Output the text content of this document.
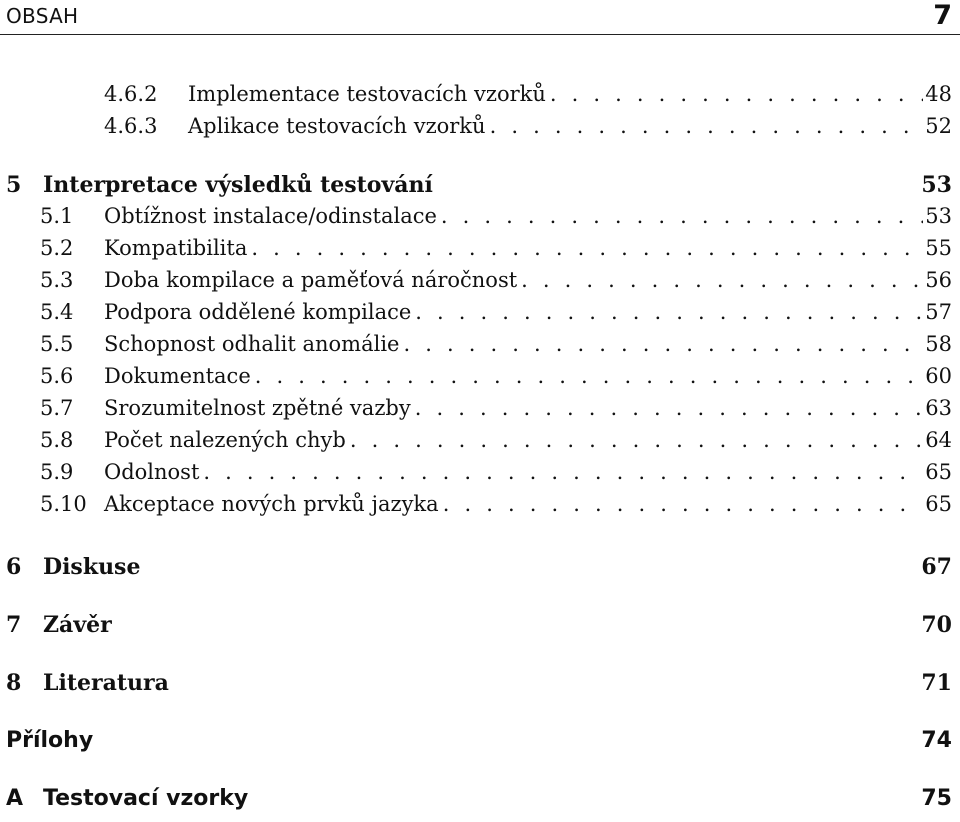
OBSAH	7
4.6.2	Implementace testovacích vzorků . . .	48
4.6.3	Aplikace testovacích vzorků . . .	52
5 Interpretace výsledků testování	53
5.1	Obtížnost instalace/odinstalace . . .	53
5.2	Kompatibilita . . .	55
5.3	Doba kompilace a paměťová náročnost . . .	56
5.4	Podpora oddělené kompilace . . .	57
5.5	Schopnost odhalit anomálie . . .	58
5.6	Dokumentace . . .	60
5.7	Srozumitelnost zpětné vazby . . .	63
5.8	Počet nalezených chyb . . .	64
5.9	Odolnost . . .	65
5.10 Akceptace nových prvků jazyka . . .	65
6 Diskuse	67
7 Závěr	70
8 Literatura	71
Přílohy	74
A Testovací vzorky	75
